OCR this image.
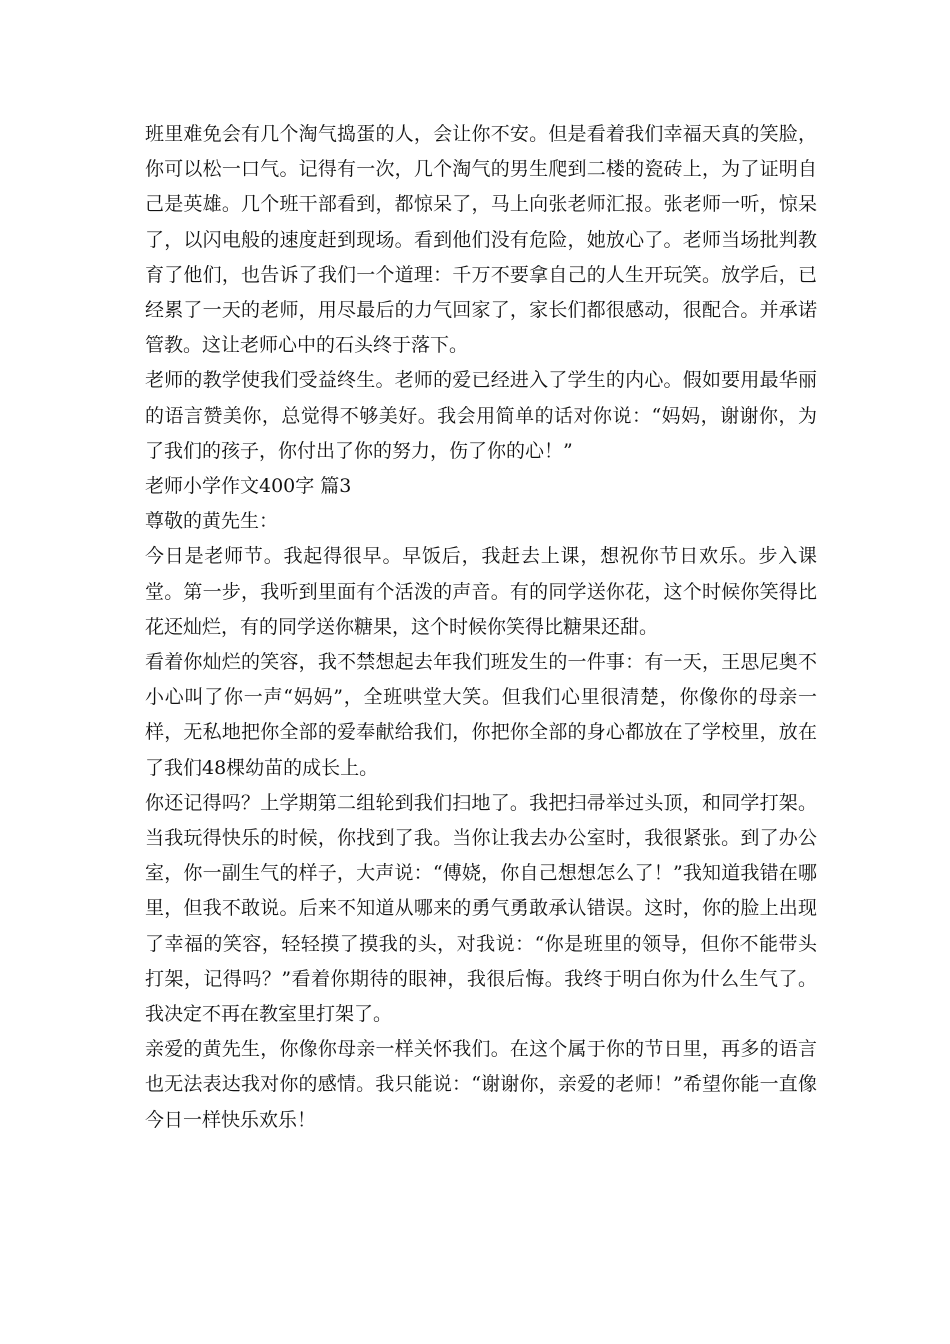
班里难免会有几个淘气捣蛋的人，会让你不安。但是看着我们幸福天真的笑脸，你可以松一口气。记得有一次，几个淘气的男生爬到二楼的瓷砖上，为了证明自己是英雄。几个班干部看到，都惊呆了，马上向张老师汇报。张老师一听，惊呆了，以闪电般的速度赶到现场。看到他们没有危险，她放心了。老师当场批判教育了他们，也告诉了我们一个道理：千万不要拿自己的人生开玩笑。放学后，已经累了一天的老师，用尽最后的力气回家了，家长们都很感动，很配合。并承诺管教。这让老师心中的石头终于落下。

老师的教学使我们受益终生。老师的爱已经进入了学生的内心。假如要用最华丽的语言赞美你，总觉得不够美好。我会用简单的话对你说：“妈妈，谢谢你，为了我们的孩子，你付出了你的努力，伤了你的心！”

老师小学作文400字 篇3

尊敬的黄先生：

今日是老师节。我起得很早。早饭后，我赶去上课，想祝你节日欢乐。步入课堂。第一步，我听到里面有个活泼的声音。有的同学送你花，这个时候你笑得比花还灿烂，有的同学送你糖果，这个时候你笑得比糖果还甜。

看着你灿烂的笑容，我不禁想起去年我们班发生的一件事：有一天，王思尼奥不小心叫了你一声“妈妈”，全班哄堂大笑。但我们心里很清楚，你像你的母亲一样，无私地把你全部的爱奉献给我们，你把你全部的身心都放在了学校里，放在了我们48棵幼苗的成长上。

你还记得吗？上学期第二组轮到我们扫地了。我把扫帚举过头顶，和同学打架。当我玩得快乐的时候，你找到了我。当你让我去办公室时，我很紧张。到了办公室，你一副生气的样子，大声说：“傅娆，你自己想想怎么了！”我知道我错在哪里，但我不敢说。后来不知道从哪来的勇气勇敢承认错误。这时，你的脸上出现了幸福的笑容，轻轻摸了摸我的头，对我说：“你是班里的领导，但你不能带头打架，记得吗？”看着你期待的眼神，我很后悔。我终于明白你为什么生气了。我决定不再在教室里打架了。

亲爱的黄先生，你像你母亲一样关怀我们。在这个属于你的节日里，再多的语言也无法表达我对你的感情。我只能说：“谢谢你，亲爱的老师！”希望你能一直像今日一样快乐欢乐！
